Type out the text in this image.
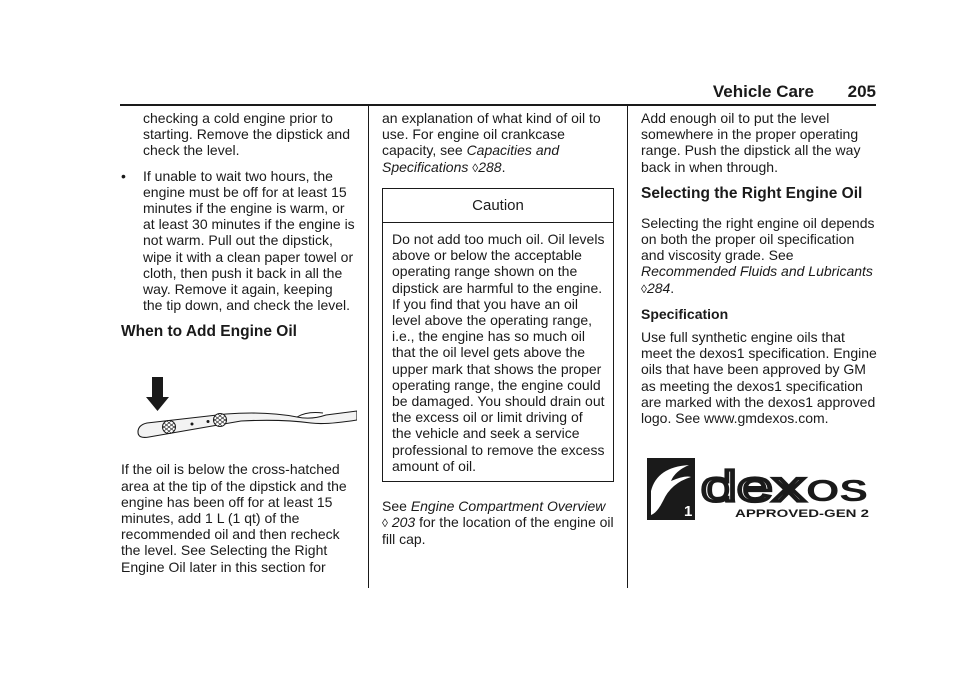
Vehicle Care 205

checking a cold engine prior to starting. Remove the dipstick and check the level.

• If unable to wait two hours, the engine must be off for at least 15 minutes if the engine is warm, or at least 30 minutes if the engine is not warm. Pull out the dipstick, wipe it with a clean paper towel or cloth, then push it back in all the way. Remove it again, keeping the tip down, and check the level.

When to Add Engine Oil

If the oil is below the cross-hatched area at the tip of the dipstick and the engine has been off for at least 15 minutes, add 1 L (1 qt) of the recommended oil and then recheck the level. See Selecting the Right Engine Oil later in this section for

an explanation of what kind of oil to use. For engine oil crankcase capacity, see Capacities and Specifications ◊288.

Caution
Do not add too much oil. Oil levels above or below the acceptable operating range shown on the dipstick are harmful to the engine. If you find that you have an oil level above the operating range, i.e., the engine has so much oil that the oil level gets above the upper mark that shows the proper operating range, the engine could be damaged. You should drain out the excess oil or limit driving of the vehicle and seek a service professional to remove the excess amount of oil.

See Engine Compartment Overview
◊ 203 for the location of the engine oil fill cap.

Add enough oil to put the level somewhere in the proper operating range. Push the dipstick all the way back in when through.

Selecting the Right Engine Oil

Selecting the right engine oil depends on both the proper oil specification and viscosity grade. See Recommended Fluids and Lubricants ◊284.

Specification

Use full synthetic engine oils that meet the dexos1 specification. Engine oils that have been approved by GM as meeting the dexos1 specification are marked with the dexos1 approved logo. See www.gmdexos.com.

1
dex OS
APPROVED-GEN 2
